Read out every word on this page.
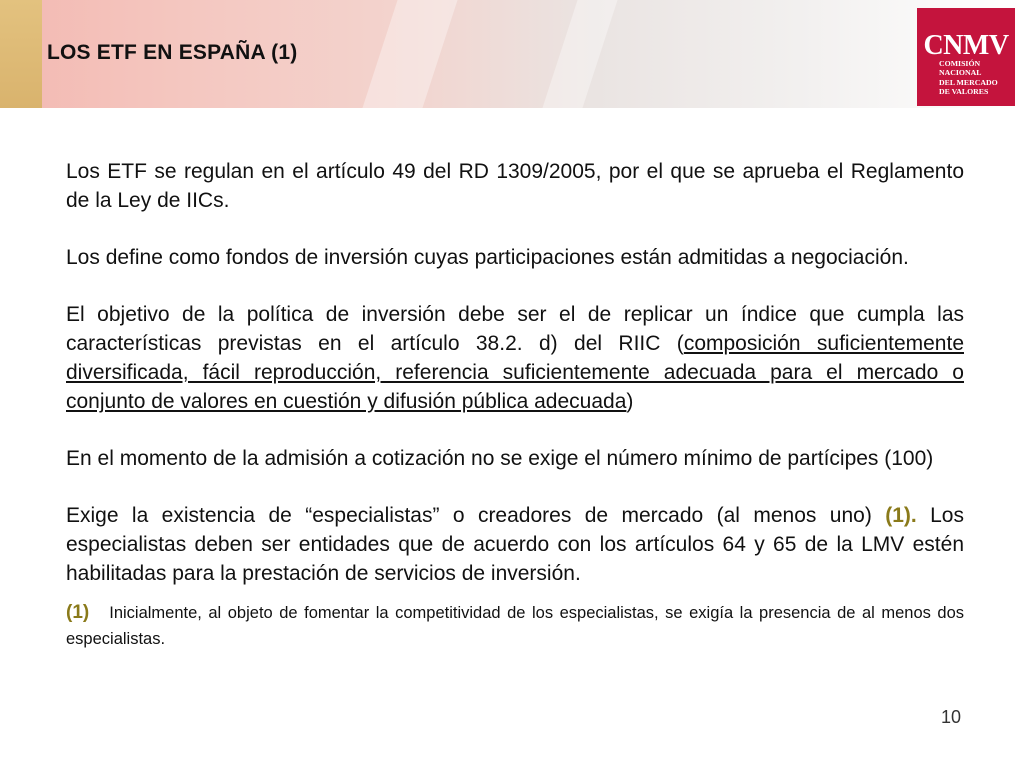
LOS ETF EN ESPAÑA (1)	CNMV
COMISIÓN
NACIONAL
DEL MERCADO
DE VALORES

Los ETF se regulan en el artículo 49 del RD 1309/2005, por el que se aprueba el Reglamento de la Ley de IICs.

Los define como fondos de inversión cuyas participaciones están admitidas a negociación.

El objetivo de la política de inversión debe ser el de replicar un índice que cumpla las características previstas en el artículo 38.2. d) del RIIC (composición suficientemente diversificada, fácil reproducción, referencia suficientemente adecuada para el mercado o conjunto de valores en cuestión y difusión pública adecuada)

En el momento de la admisión a cotización no se exige el número mínimo de partícipes (100)

Exige la existencia de “especialistas” o creadores de mercado (al menos uno) (1). Los especialistas deben ser entidades que de acuerdo con los artículos 64 y 65 de la LMV estén habilitadas para la prestación de servicios de inversión.

(1) Inicialmente, al objeto de fomentar la competitividad de los especialistas, se exigía la presencia de al menos dos especialistas.
10
